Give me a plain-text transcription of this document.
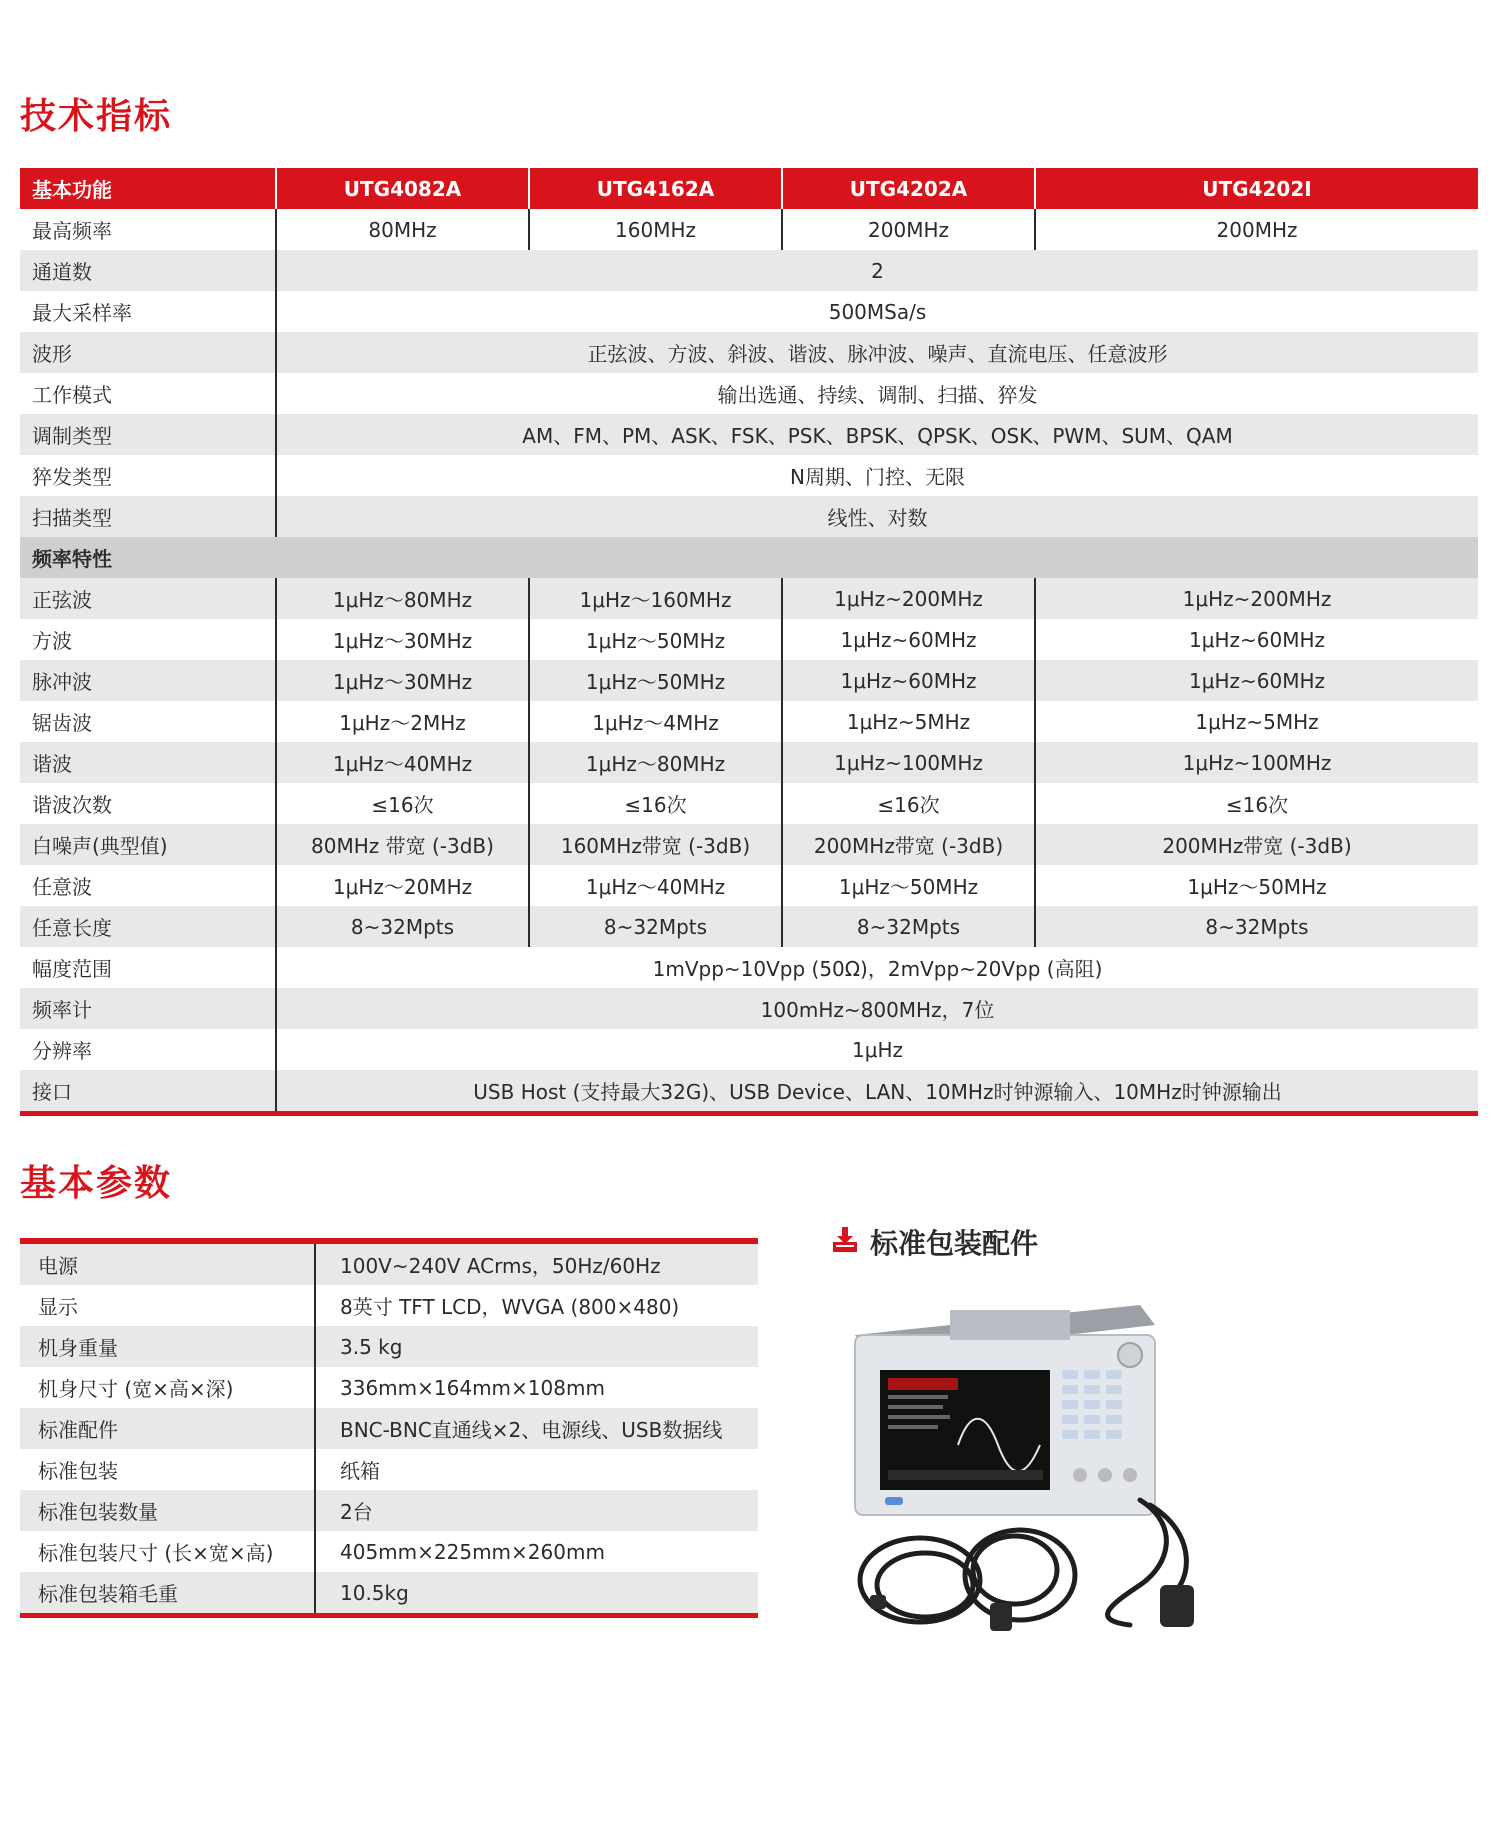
技术指标
基本功能	UTG4082A	UTG4162A	UTG4202A	UTG4202I
最高频率	80MHz	160MHz	200MHz	200MHz
通道数	2			
最大采样率	500MSa/s			
波形	正弦波、方波、斜波、谐波、脉冲波、噪声、直流电压、任意波形			
工作模式	输出选通、持续、调制、扫描、猝发			
调制类型	AM、FM、PM、ASK、FSK、PSK、BPSK、QPSK、OSK、PWM、SUM、QAM			
猝发类型	N周期、门控、无限			
扫描类型	线性、对数			
频率特性				
正弦波	1μHz～80MHz	1μHz～160MHz	1μHz~200MHz	1μHz~200MHz
方波	1μHz～30MHz	1μHz～50MHz	1μHz~60MHz	1μHz~60MHz
脉冲波	1μHz～30MHz	1μHz～50MHz	1μHz~60MHz	1μHz~60MHz
锯齿波	1μHz～2MHz	1μHz～4MHz	1μHz~5MHz	1μHz~5MHz
谐波	1μHz～40MHz	1μHz～80MHz	1μHz~100MHz	1μHz~100MHz
谐波次数	≤16次	≤16次	≤16次	≤16次
白噪声(典型值)	80MHz 带宽 (-3dB)	160MHz带宽 (-3dB)	200MHz带宽 (-3dB)	200MHz带宽 (-3dB)
任意波	1μHz～20MHz	1μHz～40MHz	1μHz～50MHz	1μHz～50MHz
任意长度	8~32Mpts	8~32Mpts	8~32Mpts	8~32Mpts
幅度范围	1mVpp~10Vpp (50Ω)，2mVpp~20Vpp (高阻)			
频率计	100mHz~800MHz，7位			
分辨率	1μHz			
接口	USB Host (支持最大32G)、USB Device、LAN、10MHz时钟源输入、10MHz时钟源输出			
基本参数
电源	100V~240V ACrms，50Hz/60Hz
显示	8英寸 TFT LCD，WVGA (800×480)
机身重量	3.5 kg
机身尺寸 (宽×高×深)	336mm×164mm×108mm
标准配件	BNC-BNC直通线×2、电源线、USB数据线
标准包装	纸箱
标准包装数量	2台
标准包装尺寸 (长×宽×高)	405mm×225mm×260mm
标准包装箱毛重	10.5kg
标准包装配件
